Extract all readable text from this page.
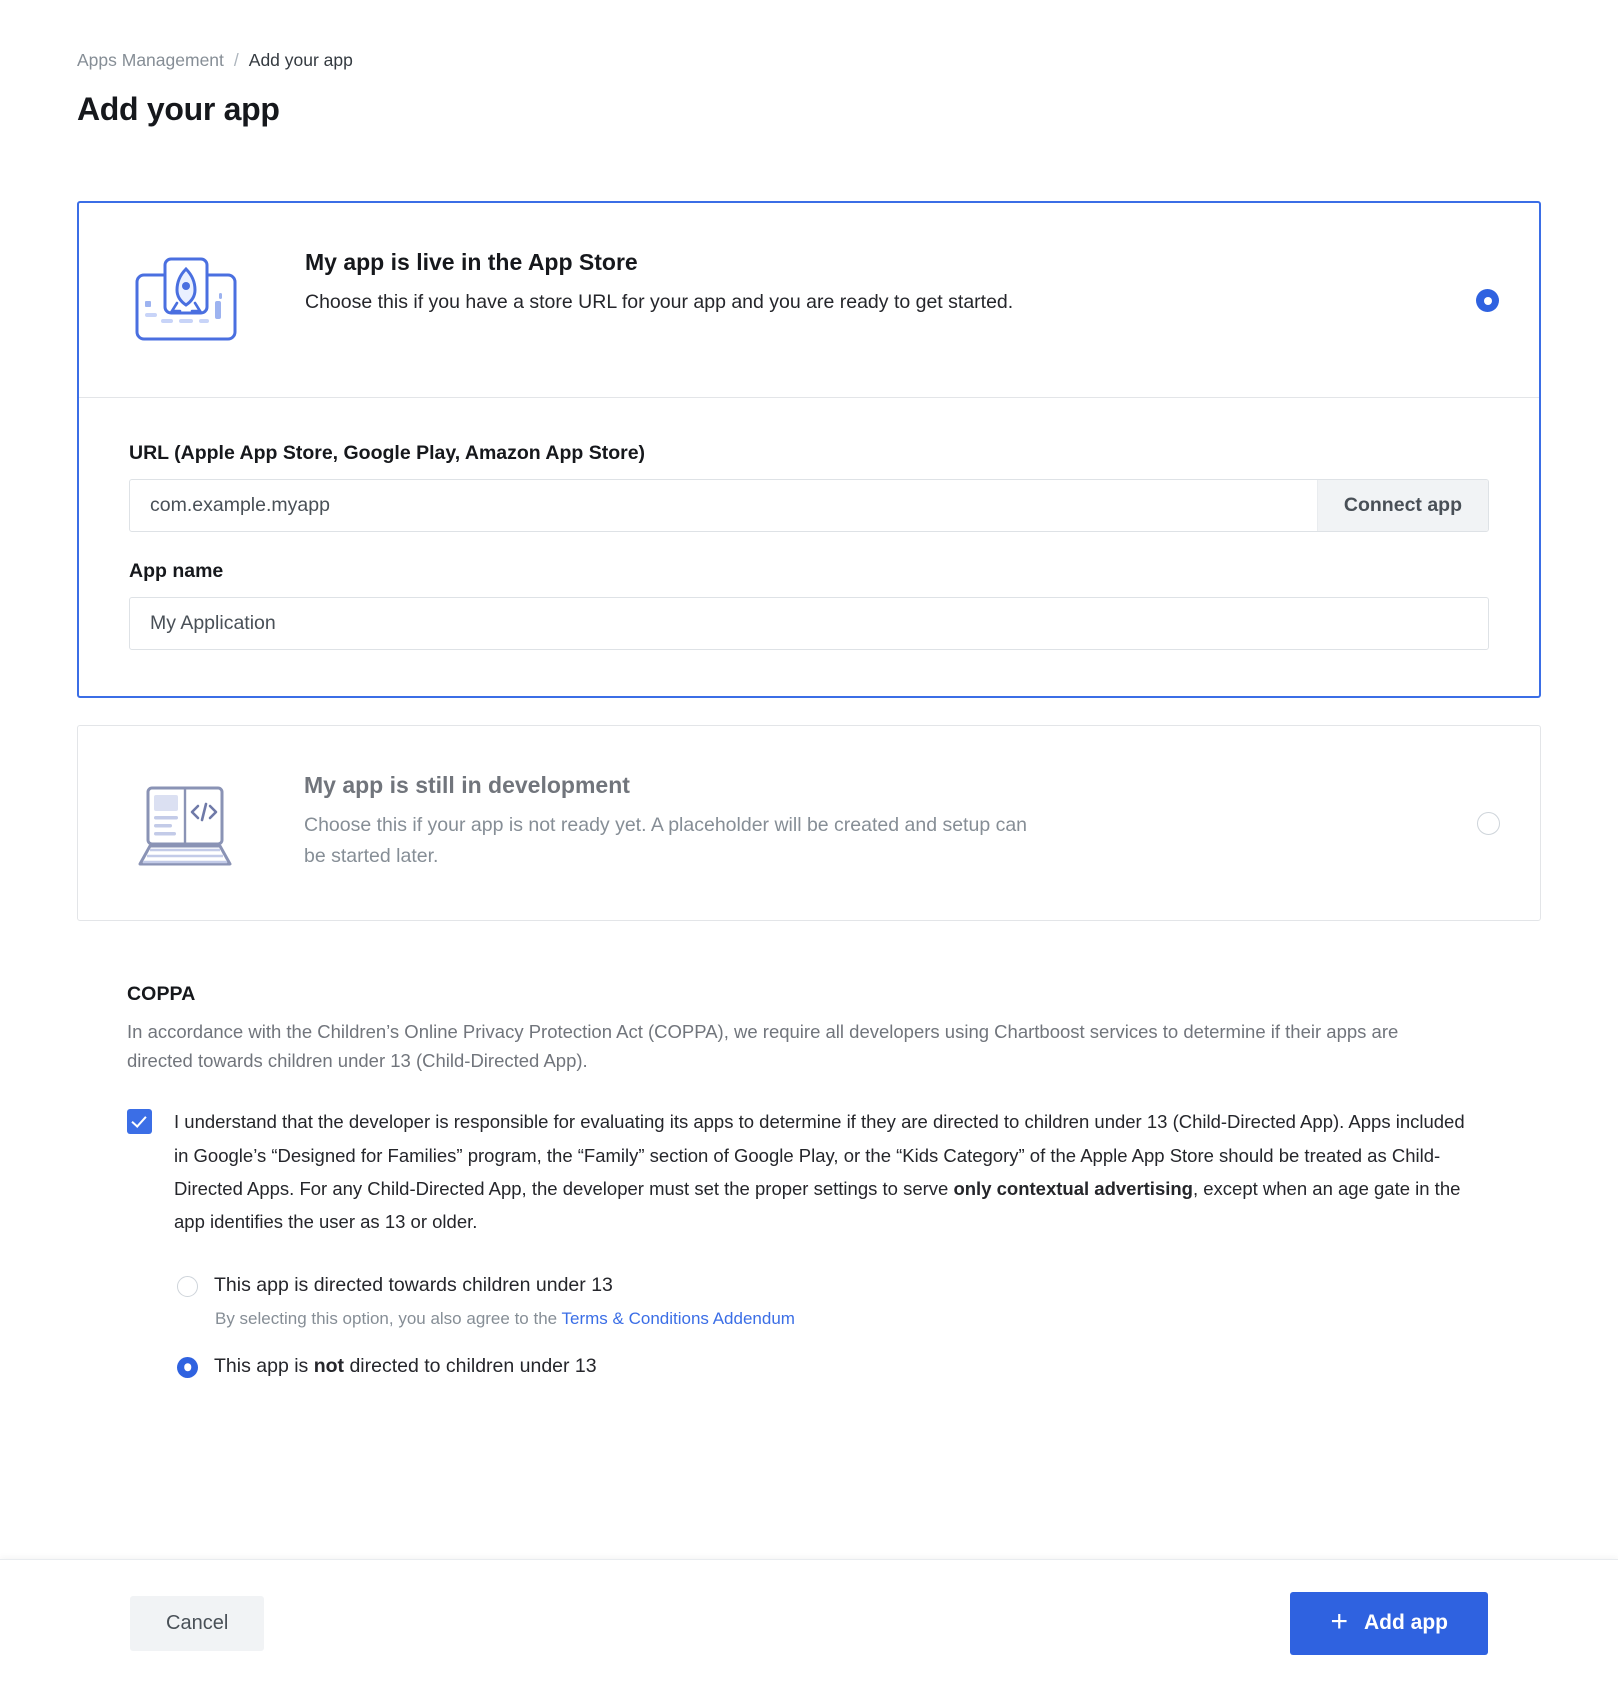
Apps Management / Add your app
Add your app
My app is live in the App Store
Choose this if you have a store URL for your app and you are ready to get started.
URL (Apple App Store, Google Play, Amazon App Store)
com.example.myapp
Connect app
App name
My Application
My app is still in development
Choose this if your app is not ready yet. A placeholder will be created and setup can be started later.
COPPA
In accordance with the Children’s Online Privacy Protection Act (COPPA), we require all developers using Chartboost services to determine if their apps are directed towards children under 13 (Child-Directed App).
I understand that the developer is responsible for evaluating its apps to determine if they are directed to children under 13 (Child-Directed App). Apps included in Google’s “Designed for Families” program, the “Family” section of Google Play, or the “Kids Category” of the Apple App Store should be treated as Child-Directed Apps. For any Child-Directed App, the developer must set the proper settings to serve only contextual advertising, except when an age gate in the app identifies the user as 13 or older.
This app is directed towards children under 13
By selecting this option, you also agree to the Terms & Conditions Addendum
This app is not directed to children under 13
Cancel	+ Add app
